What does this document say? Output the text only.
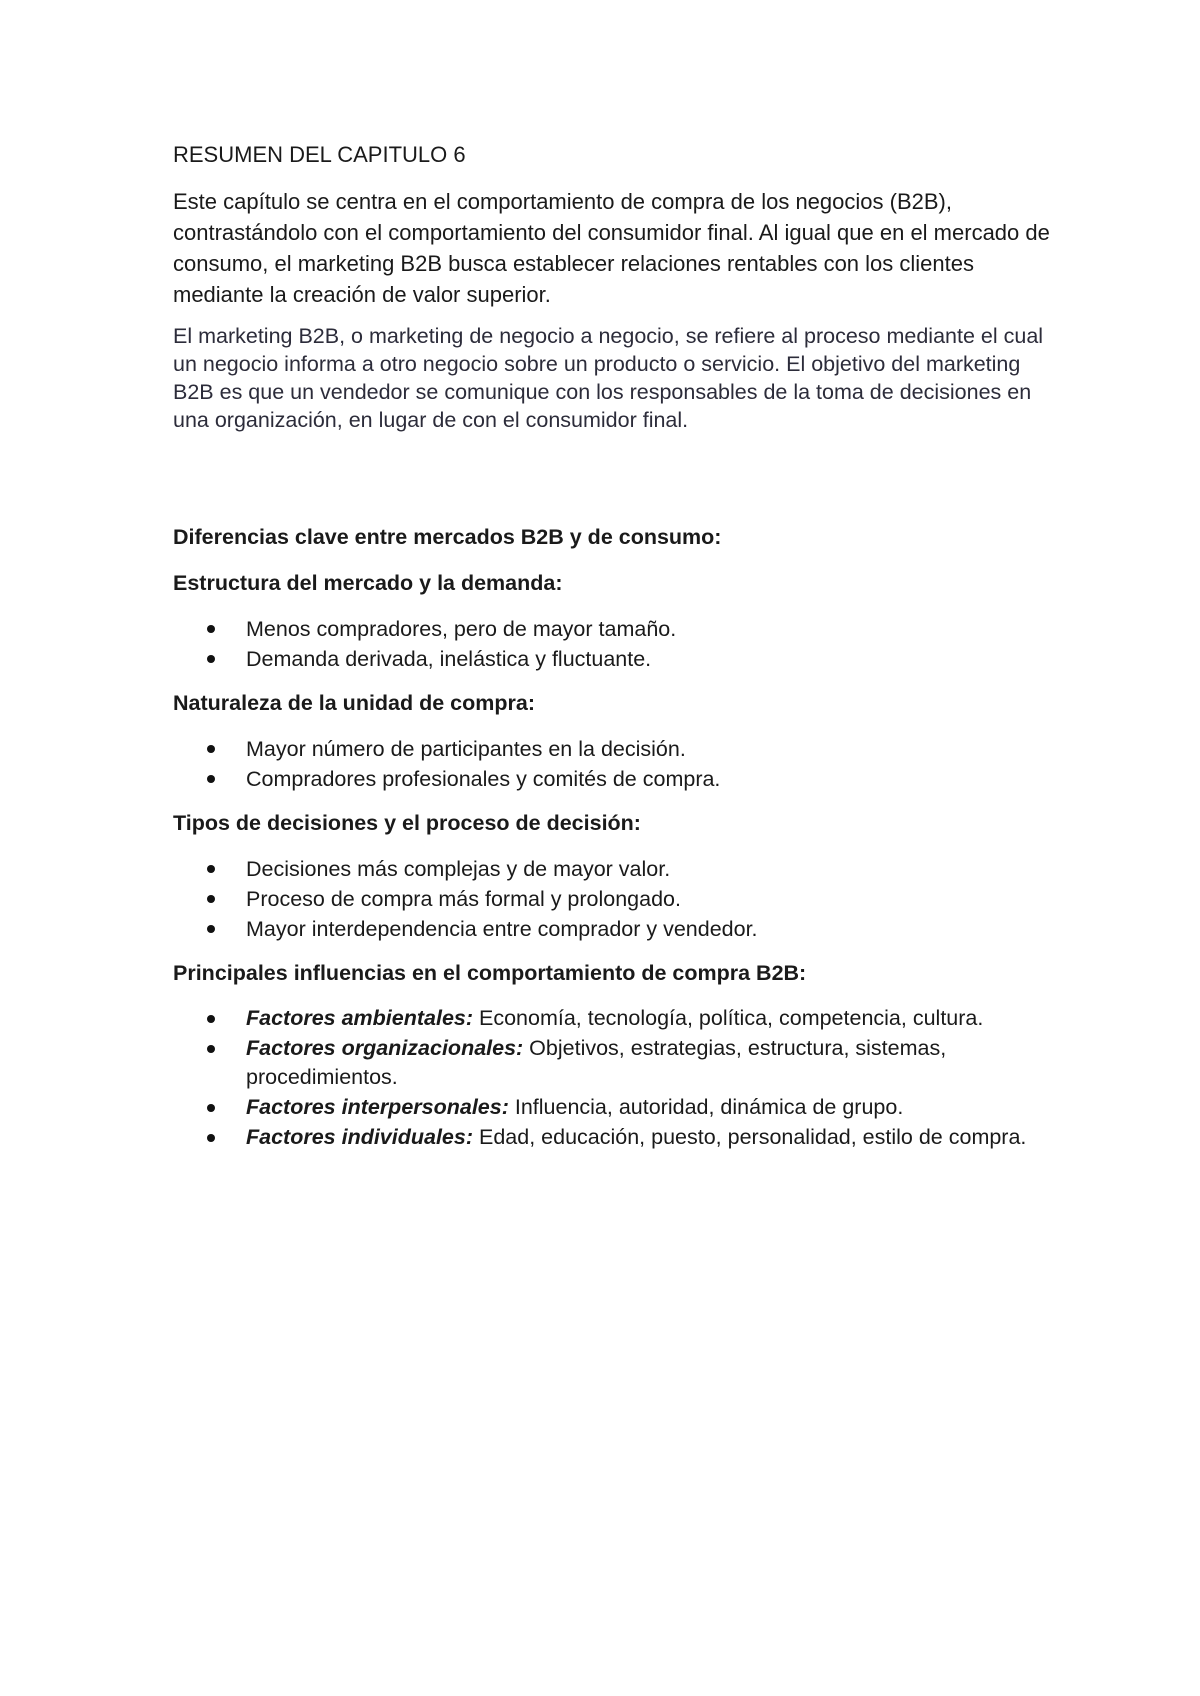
RESUMEN DEL CAPITULO 6

Este capítulo se centra en el comportamiento de compra de los negocios (B2B), contrastándolo con el comportamiento del consumidor final. Al igual que en el mercado de consumo, el marketing B2B busca establecer relaciones rentables con los clientes mediante la creación de valor superior.

El marketing B2B, o marketing de negocio a negocio, se refiere al proceso mediante el cual un negocio informa a otro negocio sobre un producto o servicio. El objetivo del marketing B2B es que un vendedor se comunique con los responsables de la toma de decisiones en una organización, en lugar de con el consumidor final.

Diferencias clave entre mercados B2B y de consumo:
Estructura del mercado y la demanda:
Menos compradores, pero de mayor tamaño.
Demanda derivada, inelástica y fluctuante.
Naturaleza de la unidad de compra:
Mayor número de participantes en la decisión.
Compradores profesionales y comités de compra.
Tipos de decisiones y el proceso de decisión:
Decisiones más complejas y de mayor valor.
Proceso de compra más formal y prolongado.
Mayor interdependencia entre comprador y vendedor.
Principales influencias en el comportamiento de compra B2B:
Factores ambientales: Economía, tecnología, política, competencia, cultura.
Factores organizacionales: Objetivos, estrategias, estructura, sistemas, procedimientos.
Factores interpersonales: Influencia, autoridad, dinámica de grupo.
Factores individuales: Edad, educación, puesto, personalidad, estilo de compra.
